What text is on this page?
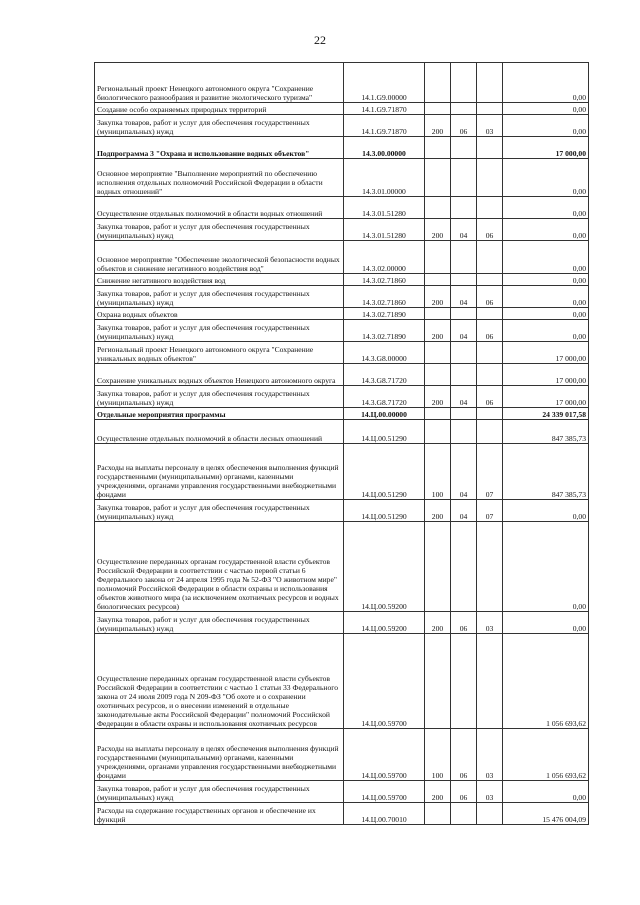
22
Региональный проект Ненецкого автономного округа "Сохранение биологического разнообразия и развитие экологического туризма"	14.1.G9.00000				0,00
Создание особо охраняемых природных территорий	14.1.G9.71870				0,00
Закупка товаров, работ и услуг для обеспечения государственных (муниципальных) нужд	14.1.G9.71870	200	06	03	0,00
Подпрограмма 3 "Охрана и использование водных объектов"	14.3.00.00000				17 000,00
Основное мероприятие "Выполнение мероприятий по обеспечению исполнения отдельных полномочий Российской Федерации в области водных отношений"	14.3.01.00000				0,00
Осуществление отдельных полномочий в области водных отношений	14.3.01.51280				0,00
Закупка товаров, работ и услуг для обеспечения государственных (муниципальных) нужд	14.3.01.51280	200	04	06	0,00
Основное мероприятие "Обеспечение экологической безопасности водных объектов и снижение негативного воздействия вод"	14.3.02.00000				0,00
Снижение негативного воздействия вод	14.3.02.71860				0,00
Закупка товаров, работ и услуг для обеспечения государственных (муниципальных) нужд	14.3.02.71860	200	04	06	0,00
Охрана водных объектов	14.3.02.71890				0,00
Закупка товаров, работ и услуг для обеспечения государственных (муниципальных) нужд	14.3.02.71890	200	04	06	0,00
Региональный проект Ненецкого автономного округа "Сохранение уникальных водных объектов"	14.3.G8.00000				17 000,00
Сохранение уникальных водных объектов Ненецкого автономного округа	14.3.G8.71720				17 000,00
Закупка товаров, работ и услуг для обеспечения государственных (муниципальных) нужд	14.3.G8.71720	200	04	06	17 000,00
Отдельные мероприятия программы	14.Ц.00.00000				24 339 017,58
Осуществление отдельных полномочий в области лесных отношений	14.Ц.00.51290				847 385,73
Расходы на выплаты персоналу в целях обеспечения выполнения функций государственными (муниципальными) органами, казенными учреждениями, органами управления государственными внебюджетными фондами	14.Ц.00.51290	100	04	07	847 385,73
Закупка товаров, работ и услуг для обеспечения государственных (муниципальных) нужд	14.Ц.00.51290	200	04	07	0,00
Осуществление переданных органам государственной власти субъектов Российской Федерации в соответствии с частью первой статьи 6 Федерального закона от 24 апреля 1995 года № 52-ФЗ "О животном мире" полномочий Российской Федерации в области охраны и использования объектов животного мира (за исключением охотничьих ресурсов и водных биологических ресурсов)	14.Ц.00.59200				0,00
Закупка товаров, работ и услуг для обеспечения государственных (муниципальных) нужд	14.Ц.00.59200	200	06	03	0,00
Осуществление переданных органам государственной власти субъектов Российской Федерации в соответствии с частью 1 статьи 33 Федерального закона от 24 июля 2009 года N 209-ФЗ "Об охоте и о сохранении охотничьих ресурсов, и о внесении изменений в отдельные законодательные акты Российской Федерации" полномочий Российской Федерации в области охраны и использования охотничьих ресурсов	14.Ц.00.59700				1 056 693,62
Расходы на выплаты персоналу в целях обеспечения выполнения функций государственными (муниципальными) органами, казенными учреждениями, органами управления государственными внебюджетными фондами	14.Ц.00.59700	100	06	03	1 056 693,62
Закупка товаров, работ и услуг для обеспечения государственных (муниципальных) нужд	14.Ц.00.59700	200	06	03	0,00
Расходы на содержание государственных органов и обеспечение их функций	14.Ц.00.70010				15 476 004,09
